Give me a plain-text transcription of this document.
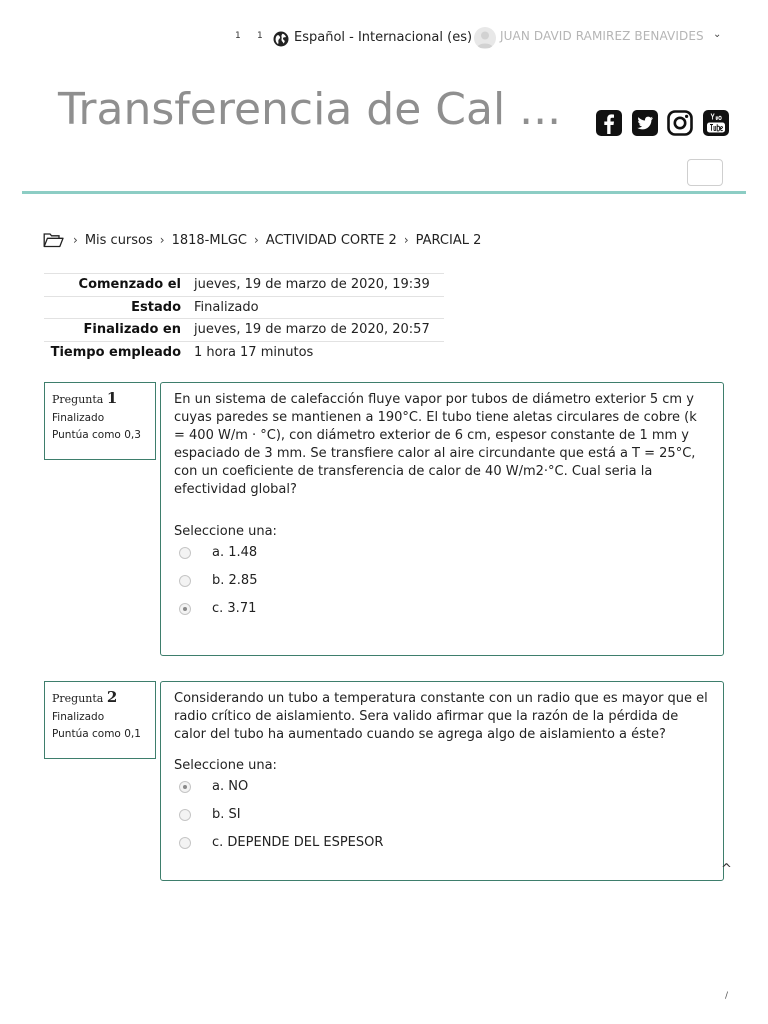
1 1 Español - Internacional (es) JUAN DAVID RAMIREZ BENAVIDES ⌄
Transferencia de Cal ...
› Mis cursos › 1818-MLGC › ACTIVIDAD CORTE 2 › PARCIAL 2
Comenzado el	jueves, 19 de marzo de 2020, 19:39
Estado	Finalizado
Finalizado en	jueves, 19 de marzo de 2020, 20:57
Tiempo empleado	1 hora 17 minutos
Pregunta 1
Finalizado
Puntúa como 0,3
En un sistema de calefacción fluye vapor por tubos de diámetro exterior 5 cm y cuyas paredes se mantienen a 190°C. El tubo tiene aletas circulares de cobre (k = 400 W/m · °C), con diámetro exterior de 6 cm, espesor constante de 1 mm y espaciado de 3 mm. Se transfiere calor al aire circundante que está a T = 25°C, con un coeficiente de transferencia de calor de 40 W/m2·°C. Cual seria la efectividad global?
Seleccione una:
a. 1.48
b. 2.85
c. 3.71
Pregunta 2
Finalizado
Puntúa como 0,1
Considerando un tubo a temperatura constante con un radio que es mayor que el radio crítico de aislamiento. Sera valido afirmar que la razón de la pérdida de calor del tubo ha aumentado cuando se agrega algo de aislamiento a éste?
Seleccione una:
a. NO
b. SI
c. DEPENDE DEL ESPESOR
^
/
